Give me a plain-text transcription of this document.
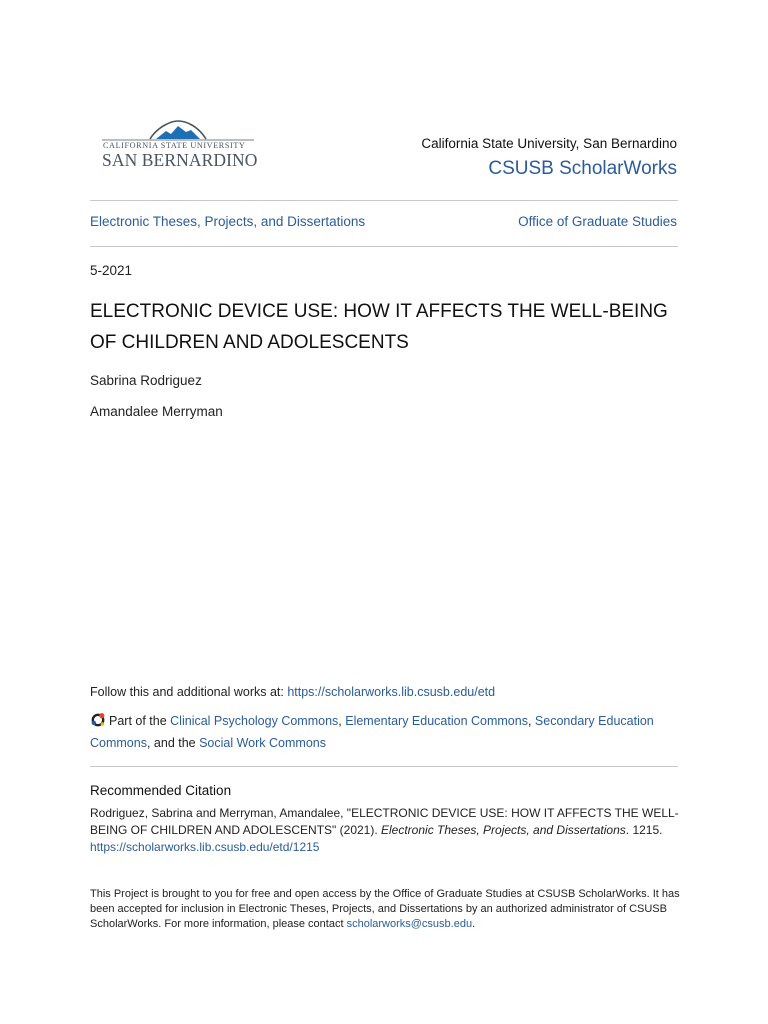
CALIFORNIA STATE UNIVERSITY
SAN BERNARDINO
California State University, San Bernardino
CSUSB ScholarWorks
Electronic Theses, Projects, and Dissertations	Office of Graduate Studies
5-2021
ELECTRONIC DEVICE USE: HOW IT AFFECTS THE WELL-BEING OF CHILDREN AND ADOLESCENTS
Sabrina Rodriguez
Amandalee Merryman
Follow this and additional works at: https://scholarworks.lib.csusb.edu/etd
Part of the Clinical Psychology Commons, Elementary Education Commons, Secondary Education Commons, and the Social Work Commons
Recommended Citation
Rodriguez, Sabrina and Merryman, Amandalee, "ELECTRONIC DEVICE USE: HOW IT AFFECTS THE WELL-BEING OF CHILDREN AND ADOLESCENTS" (2021). Electronic Theses, Projects, and Dissertations. 1215.
https://scholarworks.lib.csusb.edu/etd/1215
This Project is brought to you for free and open access by the Office of Graduate Studies at CSUSB ScholarWorks. It has been accepted for inclusion in Electronic Theses, Projects, and Dissertations by an authorized administrator of CSUSB ScholarWorks. For more information, please contact scholarworks@csusb.edu.
